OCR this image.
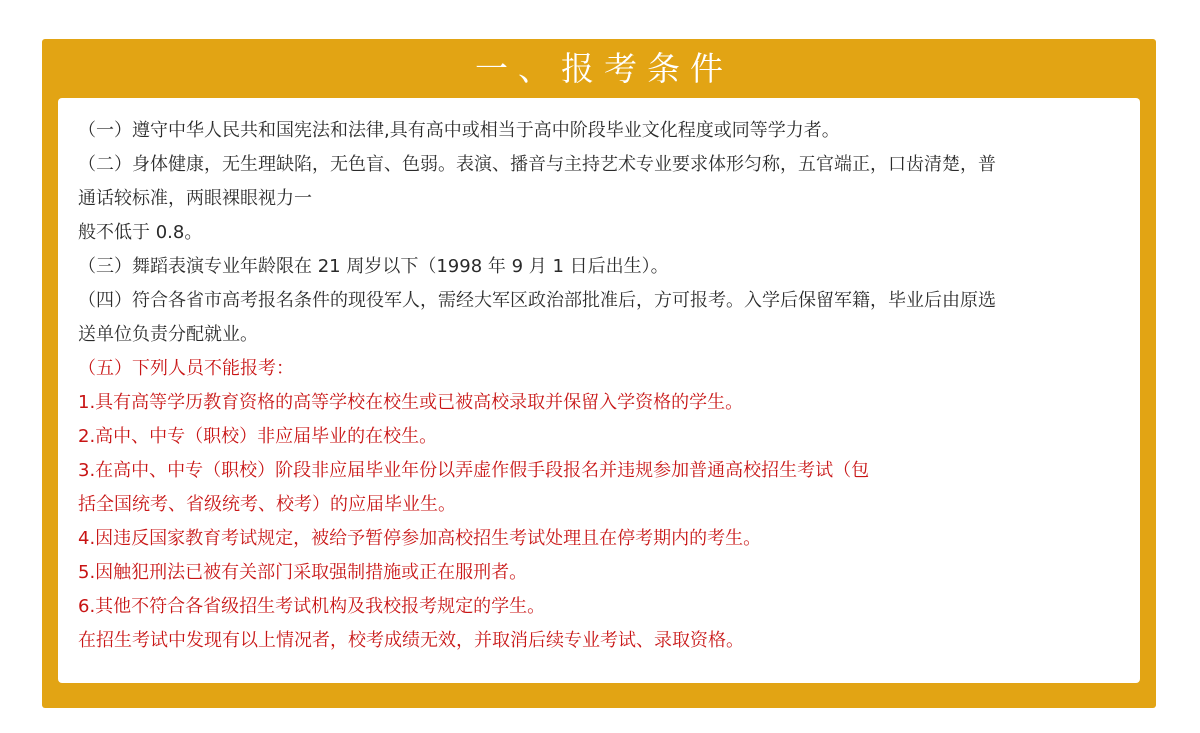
一、报考条件
（一）遵守中华人民共和国宪法和法律,具有高中或相当于高中阶段毕业文化程度或同等学力者。
（二）身体健康，无生理缺陷，无色盲、色弱。表演、播音与主持艺术专业要求体形匀称，五官端正，口齿清楚，普
通话较标准，两眼裸眼视力一
般不低于 0.8。
（三）舞蹈表演专业年龄限在 21 周岁以下（1998 年 9 月 1 日后出生）。
（四）符合各省市高考报名条件的现役军人，需经大军区政治部批准后，方可报考。入学后保留军籍，毕业后由原选
送单位负责分配就业。
（五）下列人员不能报考：
1.具有高等学历教育资格的高等学校在校生或已被高校录取并保留入学资格的学生。
2.高中、中专（职校）非应届毕业的在校生。
3.在高中、中专（职校）阶段非应届毕业年份以弄虚作假手段报名并违规参加普通高校招生考试（包
括全国统考、省级统考、校考）的应届毕业生。
4.因违反国家教育考试规定，被给予暂停参加高校招生考试处理且在停考期内的考生。
5.因触犯刑法已被有关部门采取强制措施或正在服刑者。
6.其他不符合各省级招生考试机构及我校报考规定的学生。
在招生考试中发现有以上情况者，校考成绩无效，并取消后续专业考试、录取资格。
